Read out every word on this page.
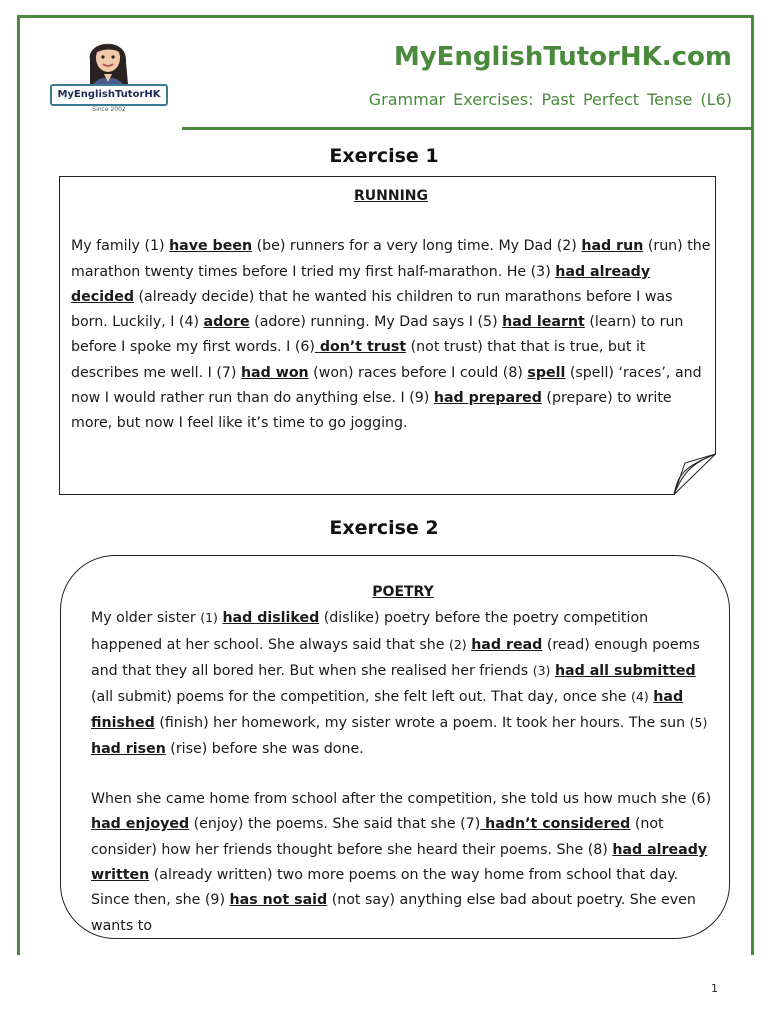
MyEnglishTutorHK
Since 2002
MyEnglishTutorHK.com
Grammar Exercises: Past Perfect Tense (L6)
Exercise 1
RUNNING

My family (1) have been (be) runners for a very long time. My Dad (2) had run (run) the marathon twenty times before I tried my first half-marathon. He (3) had already decided (already decide) that he wanted his children to run marathons before I was born. Luckily, I (4) adore (adore) running. My Dad says I (5) had learnt (learn) to run before I spoke my first words. I (6) don’t trust (not trust) that that is true, but it describes me well. I (7) had won (won) races before I could (8) spell (spell) ‘races’, and now I would rather run than do anything else. I (9) had prepared (prepare) to write more, but now I feel like it’s time to go jogging.

Exercise 2
POETRY

My older sister (1) had disliked (dislike) poetry before the poetry competition happened at her school. She always said that she (2) had read (read) enough poems and that they all bored her. But when she realised her friends (3) had all submitted (all submit) poems for the competition, she felt left out. That day, once she (4) had finished (finish) her homework, my sister wrote a poem. It took her hours. The sun (5) had risen (rise) before she was done.

When she came home from school after the competition, she told us how much she (6) had enjoyed (enjoy) the poems. She said that she (7) hadn’t considered (not consider) how her friends thought before she heard their poems. She (8) had already written (already written) two more poems on the way home from school that day. Since then, she (9) has not said (not say) anything else bad about poetry. She even wants to

1
